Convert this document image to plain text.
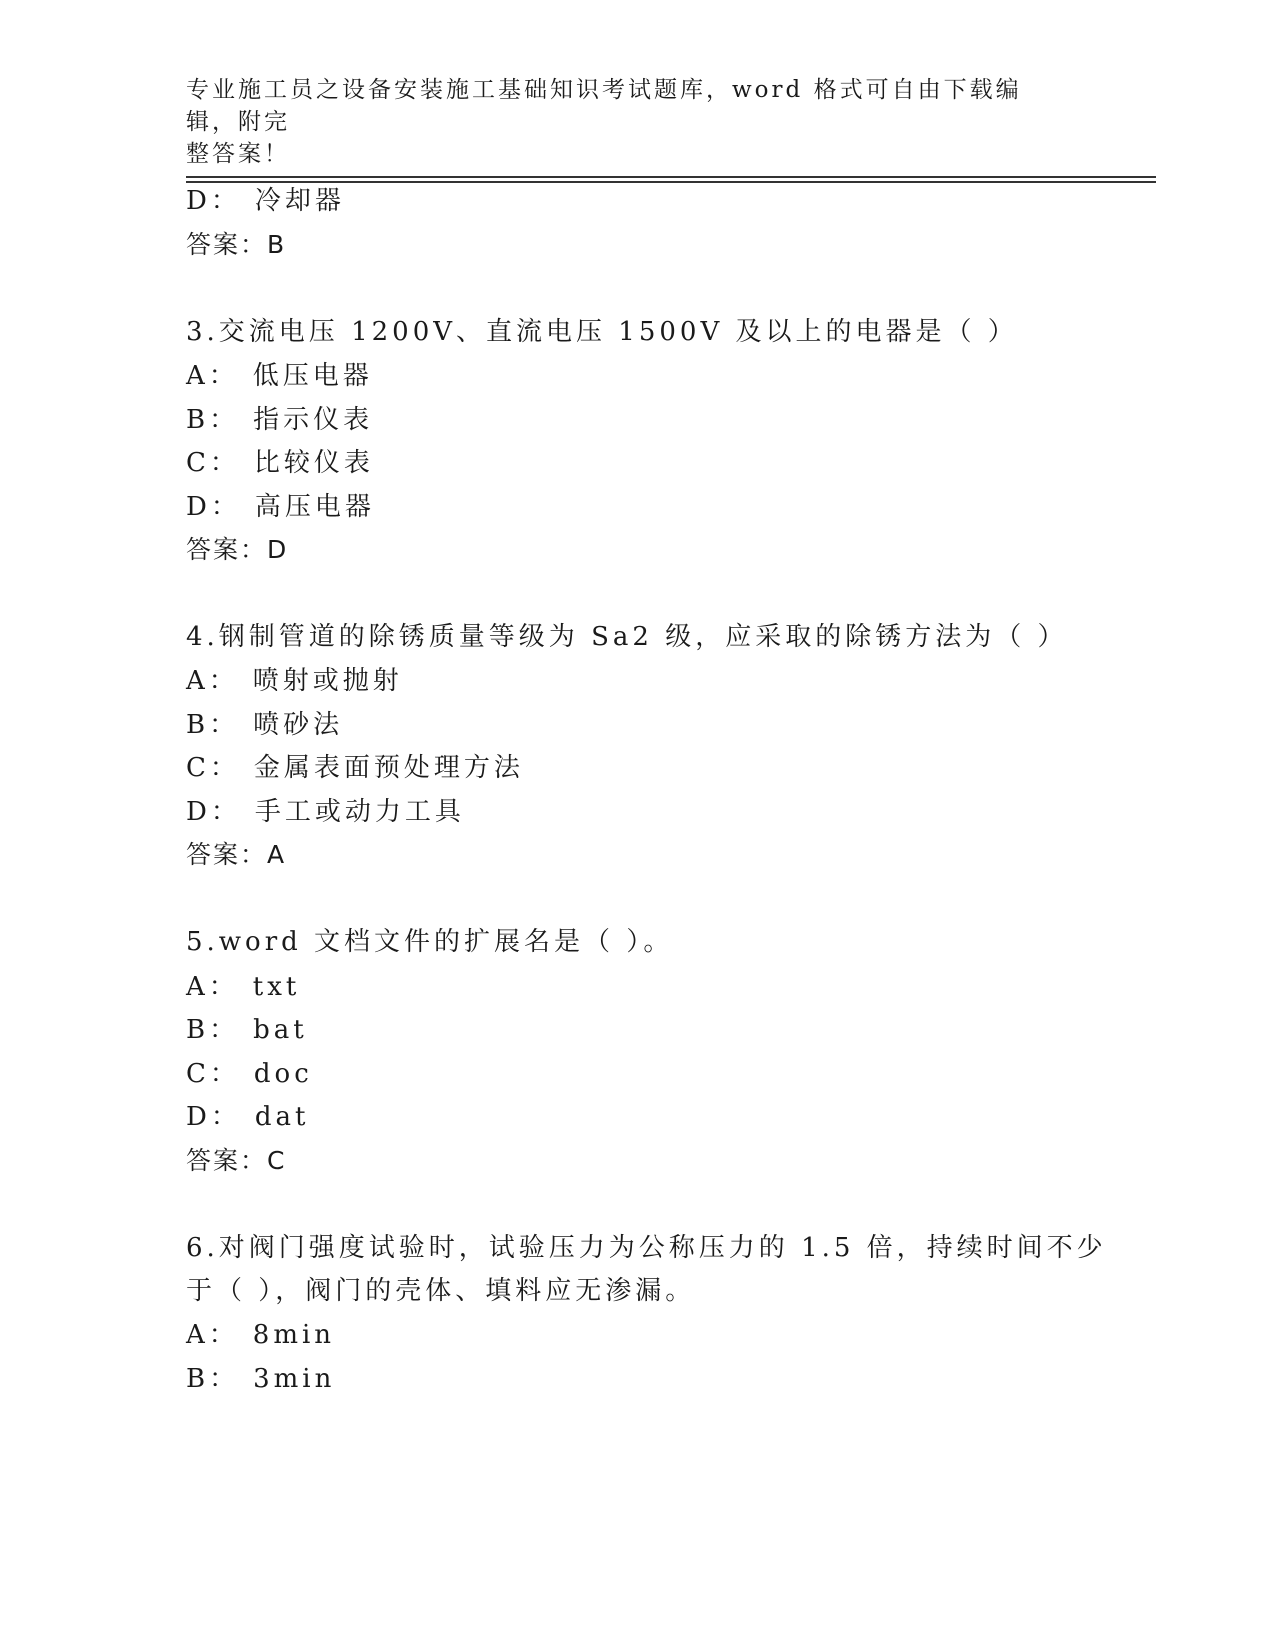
专业施工员之设备安装施工基础知识考试题库，word 格式可自由下载编辑，附完
整答案！
D： 冷却器
答案：B
3.交流电压 1200V、直流电压 1500V 及以上的电器是（ ）
A： 低压电器
B： 指示仪表
C： 比较仪表
D： 高压电器
答案：D
4.钢制管道的除锈质量等级为 Sa2 级，应采取的除锈方法为（ ）
A： 喷射或抛射
B： 喷砂法
C： 金属表面预处理方法
D： 手工或动力工具
答案：A
5.word 文档文件的扩展名是（ ）。
A： txt
B： bat
C： doc
D： dat
答案：C
6.对阀门强度试验时，试验压力为公称压力的 1.5 倍，持续时间不少
于（ ），阀门的壳体、填料应无渗漏。
A： 8min
B： 3min
